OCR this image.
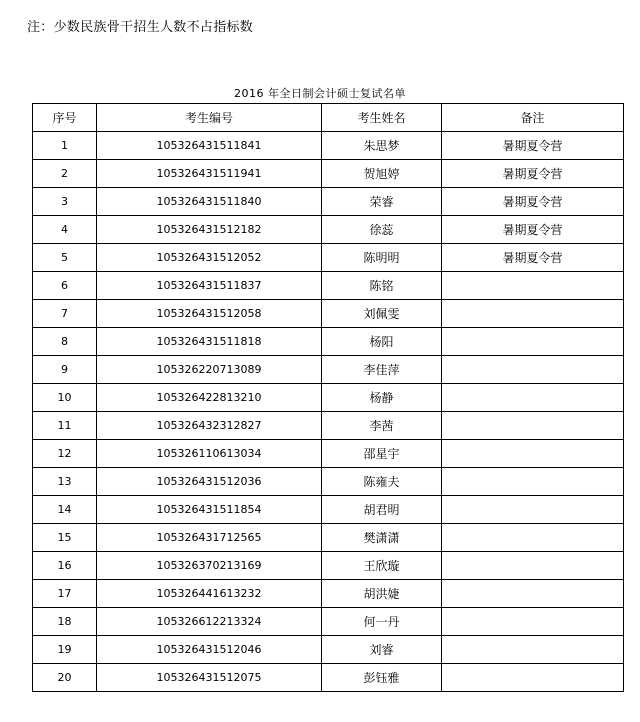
注：少数民族骨干招生人数不占指标数
2016 年全日制会计硕士复试名单
序号	考生编号	考生姓名	备注
1	105326431511841	朱思梦	暑期夏令营
2	105326431511941	贺旭婷	暑期夏令营
3	105326431511840	荣睿	暑期夏令营
4	105326431512182	徐蕊	暑期夏令营
5	105326431512052	陈明明	暑期夏令营
6	105326431511837	陈铭	
7	105326431512058	刘佩雯	
8	105326431511818	杨阳	
9	105326220713089	李佳萍	
10	105326422813210	杨静	
11	105326432312827	李茜	
12	105326110613034	邵星宇	
13	105326431512036	陈雍夫	
14	105326431511854	胡君明	
15	105326431712565	樊潇潇	
16	105326370213169	王欣璇	
17	105326441613232	胡洪婕	
18	105326612213324	何一丹	
19	105326431512046	刘睿	
20	105326431512075	彭钰雅	
